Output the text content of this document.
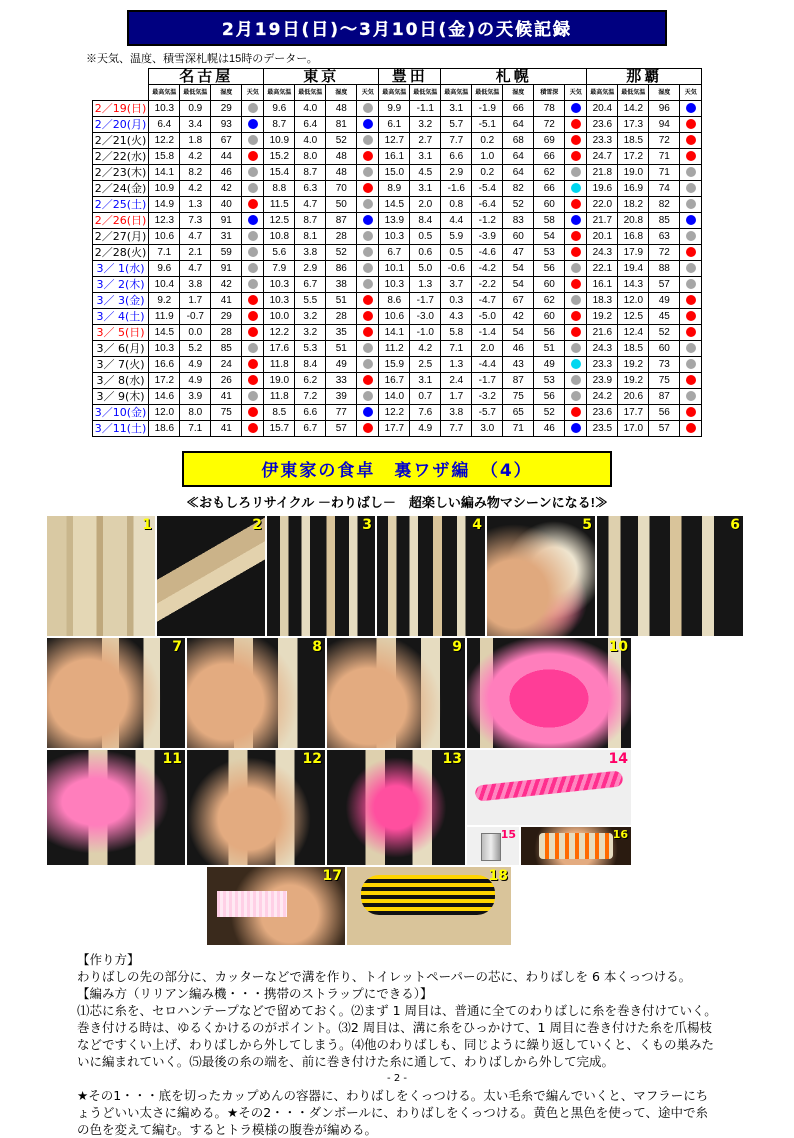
2月19日(日)～3月10日(金)の天候記録
※天気、温度、積雪深札幌は15時のデーター。
	名古屋				東京				豊田		札幌					那覇			
	最高気温	最低気温	湿度	天気	最高気温	最低気温	湿度	天気	最高気温	最低気温	最高気温	最低気温	湿度	積雪深	天気	最高気温	最低気温	湿度	天気
2／19(日)	10.3	0.9	29		9.6	4.0	48		9.9	-1.1	3.1	-1.9	66	78		20.4	14.2	96	
2／20(月)	6.4	3.4	93		8.7	6.4	81		6.1	3.2	5.7	-5.1	64	72		23.6	17.3	94	
2／21(火)	12.2	1.8	67		10.9	4.0	52		12.7	2.7	7.7	0.2	68	69		23.3	18.5	72	
2／22(水)	15.8	4.2	44		15.2	8.0	48		16.1	3.1	6.6	1.0	64	66		24.7	17.2	71	
2／23(木)	14.1	8.2	46		15.4	8.7	48		15.0	4.5	2.9	0.2	64	62		21.8	19.0	71	
2／24(金)	10.9	4.2	42		8.8	6.3	70		8.9	3.1	-1.6	-5.4	82	66		19.6	16.9	74	
2／25(土)	14.9	1.3	40		11.5	4.7	50		14.5	2.0	0.8	-6.4	52	60		22.0	18.2	82	
2／26(日)	12.3	7.3	91		12.5	8.7	87		13.9	8.4	4.4	-1.2	83	58		21.7	20.8	85	
2／27(月)	10.6	4.7	31		10.8	8.1	28		10.3	0.5	5.9	-3.9	60	54		20.1	16.8	63	
2／28(火)	7.1	2.1	59		5.6	3.8	52		6.7	0.6	0.5	-4.6	47	53		24.3	17.9	72	
3／ 1(水)	9.6	4.7	91		7.9	2.9	86		10.1	5.0	-0.6	-4.2	54	56		22.1	19.4	88	
3／ 2(木)	10.4	3.8	42		10.3	6.7	38		10.3	1.3	3.7	-2.2	54	60		16.1	14.3	57	
3／ 3(金)	9.2	1.7	41		10.3	5.5	51		8.6	-1.7	0.3	-4.7	67	62		18.3	12.0	49	
3／ 4(土)	11.9	-0.7	29		10.0	3.2	28		10.6	-3.0	4.3	-5.0	42	60		19.2	12.5	45	
3／ 5(日)	14.5	0.0	28		12.2	3.2	35		14.1	-1.0	5.8	-1.4	54	56		21.6	12.4	52	
3／ 6(月)	10.3	5.2	85		17.6	5.3	51		11.2	4.2	7.1	2.0	46	51		24.3	18.5	60	
3／ 7(火)	16.6	4.9	24		11.8	8.4	49		15.9	2.5	1.3	-4.4	43	49		23.3	19.2	73	
3／ 8(水)	17.2	4.9	26		19.0	6.2	33		16.7	3.1	2.4	-1.7	87	53		23.9	19.2	75	
3／ 9(木)	14.6	3.9	41		11.8	7.2	39		14.0	0.7	1.7	-3.2	75	56		24.2	20.6	87	
3／10(金)	12.0	8.0	75		8.5	6.6	77		12.2	7.6	3.8	-5.7	65	52		23.6	17.7	56	
3／11(土)	18.6	7.1	41		15.7	6.7	57		17.7	4.9	7.7	3.0	71	46		23.5	17.0	57	
伊東家の食卓　裏ワザ編　（4）
≪おもしろリサイクル －わりばし－　超楽しい編み物マシーンになる!≫
1	2	3	4	5	6
7	8	9	10
11	12	13	14
15	16
17	18

【作り方】

わりばしの先の部分に、カッターなどで溝を作り、トイレットペーパーの芯に、わりばしを 6 本くっつける。

【編み方（リリアン編み機・・・携帯のストラップにできる）】

⑴芯に糸を、セロハンテープなどで留めておく。⑵まず 1 周目は、普通に全てのわりばしに糸を巻き付けていく。巻き付ける時は、ゆるくかけるのがポイント。⑶2 周目は、溝に糸をひっかけて、1 周目に巻き付けた糸を爪楊枝などですくい上げ、わりばしから外してしまう。⑷他のわりばしも、同じように繰り返していくと、くもの巣みたいに編まれていく。⑸最後の糸の端を、前に巻き付けた糸に通して、わりばしから外して完成。

- 2 -

★その1・・・底を切ったカップめんの容器に、わりばしをくっつける。太い毛糸で編んでいくと、マフラーにちょうどいい太さに編める。★その2・・・ダンボールに、わりばしをくっつける。黄色と黒色を使って、途中で糸の色を変えて編む。するとトラ模様の腹巻が編める。
